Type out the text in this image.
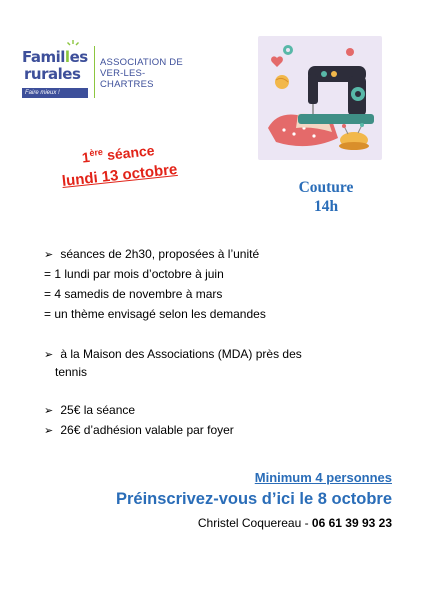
Familles
rurales
Faire mieux !
ASSOCIATION DE
VER-LES-CHARTRES
1ère séance
lundi 13 octobre	Couture
14h
➢ séances de 2h30, proposées à l’unité
= 1 lundi par mois d’octobre à juin
= 4 samedis de novembre à mars
= un thème envisagé selon les demandes
➢ à la Maison des Associations (MDA) près des
tennis
➢ 25€ la séance
➢ 26€ d’adhésion valable par foyer
Minimum 4 personnes
Préinscrivez-vous d’ici le 8 octobre
Christel Coquereau - 06 61 39 93 23
